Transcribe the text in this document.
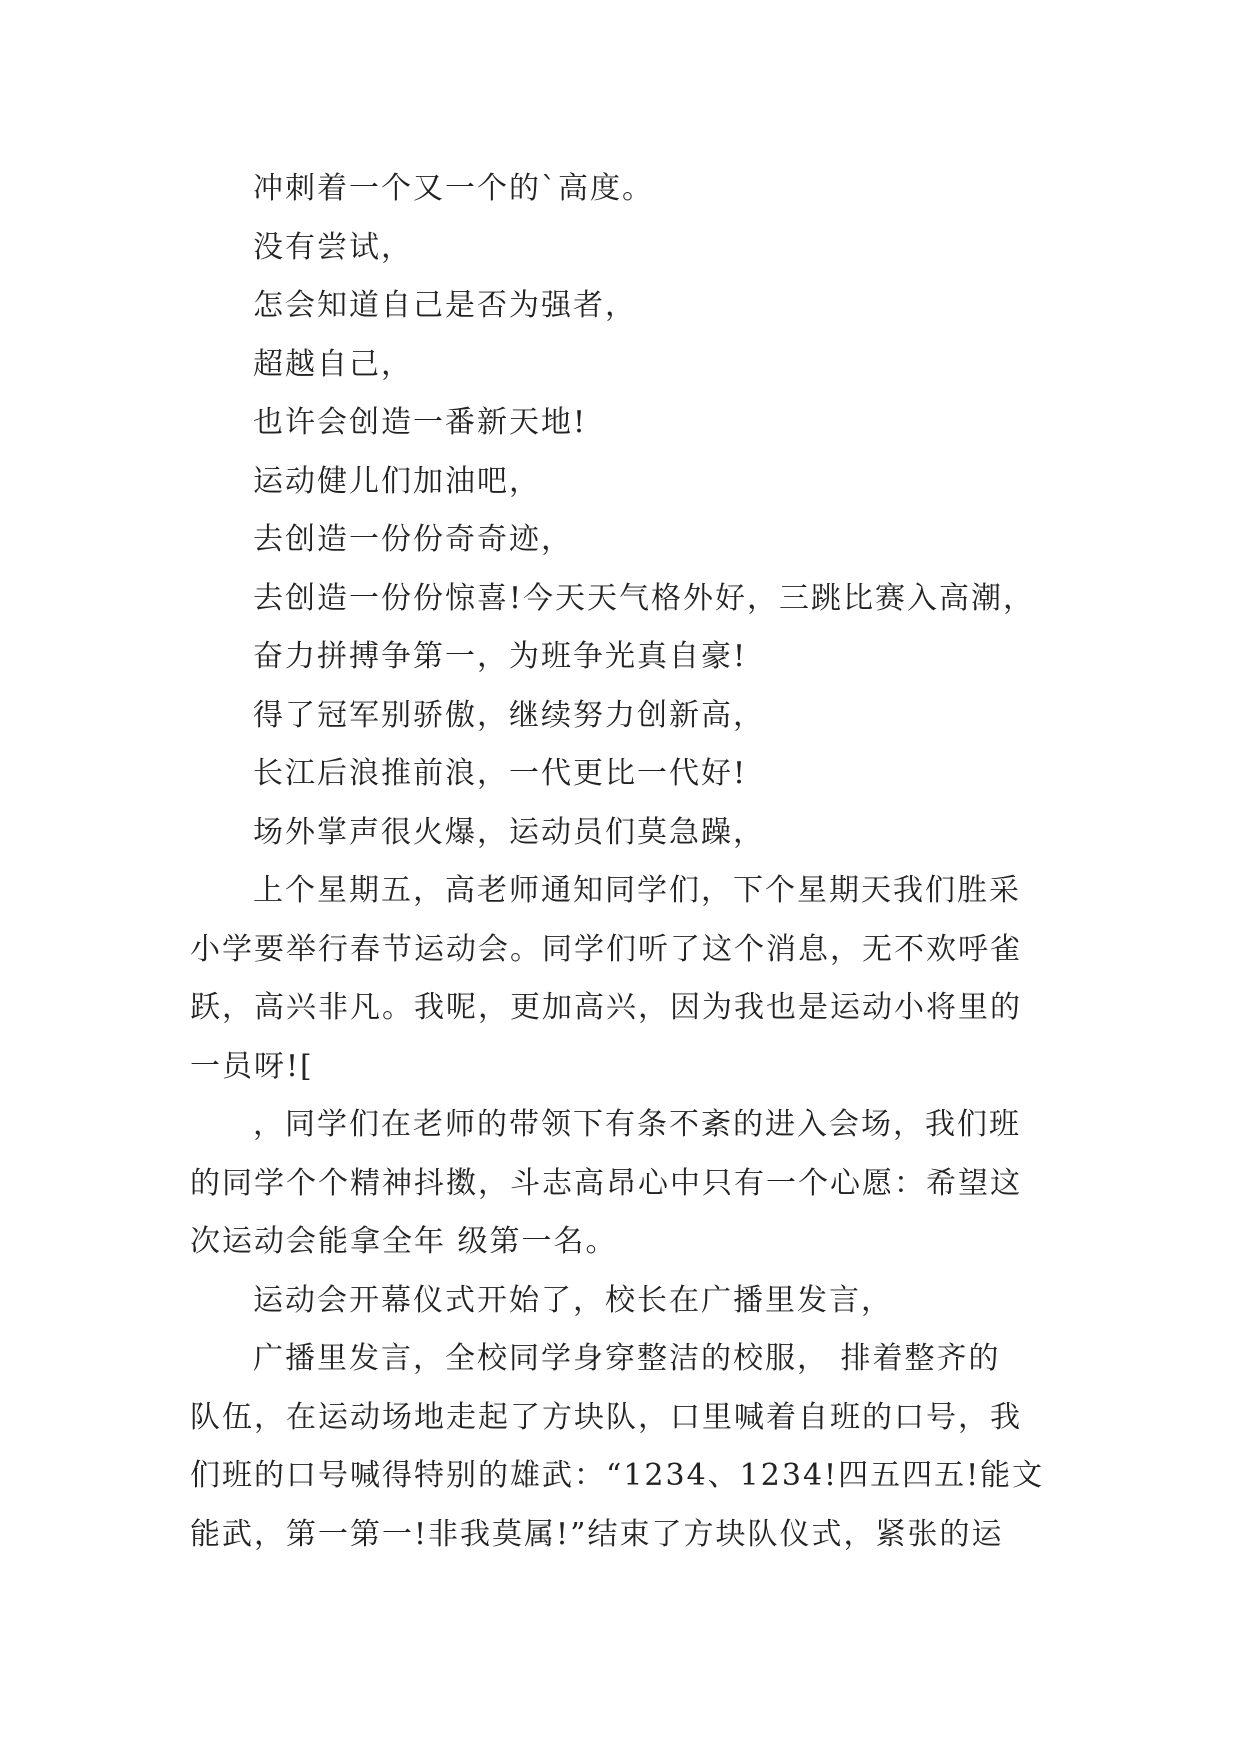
冲刺着一个又一个的`高度。
没有尝试，
怎会知道自己是否为强者，
超越自己，
也许会创造一番新天地!
运动健儿们加油吧，
去创造一份份奇奇迹，
去创造一份份惊喜!今天天气格外好，三跳比赛入高潮，
奋力拼搏争第一，为班争光真自豪!
得了冠军别骄傲，继续努力创新高，
长江后浪推前浪，一代更比一代好!
场外掌声很火爆，运动员们莫急躁，
上个星期五，高老师通知同学们，下个星期天我们胜采
小学要举行春节运动会。同学们听了这个消息，无不欢呼雀
跃，高兴非凡。我呢，更加高兴，因为我也是运动小将里的
一员呀![
，同学们在老师的带领下有条不紊的进入会场，我们班
的同学个个精神抖擞，斗志高昂心中只有一个心愿：希望这
次运动会能拿全年 级第一名。
运动会开幕仪式开始了，校长在广播里发言，
广播里发言，全校同学身穿整洁的校服， 排着整齐的
队伍，在运动场地走起了方块队，口里喊着自班的口号，我
们班的口号喊得特别的雄武：“1234、1234!四五四五!能文
能武，第一第一!非我莫属!”结束了方块队仪式，紧张的运
